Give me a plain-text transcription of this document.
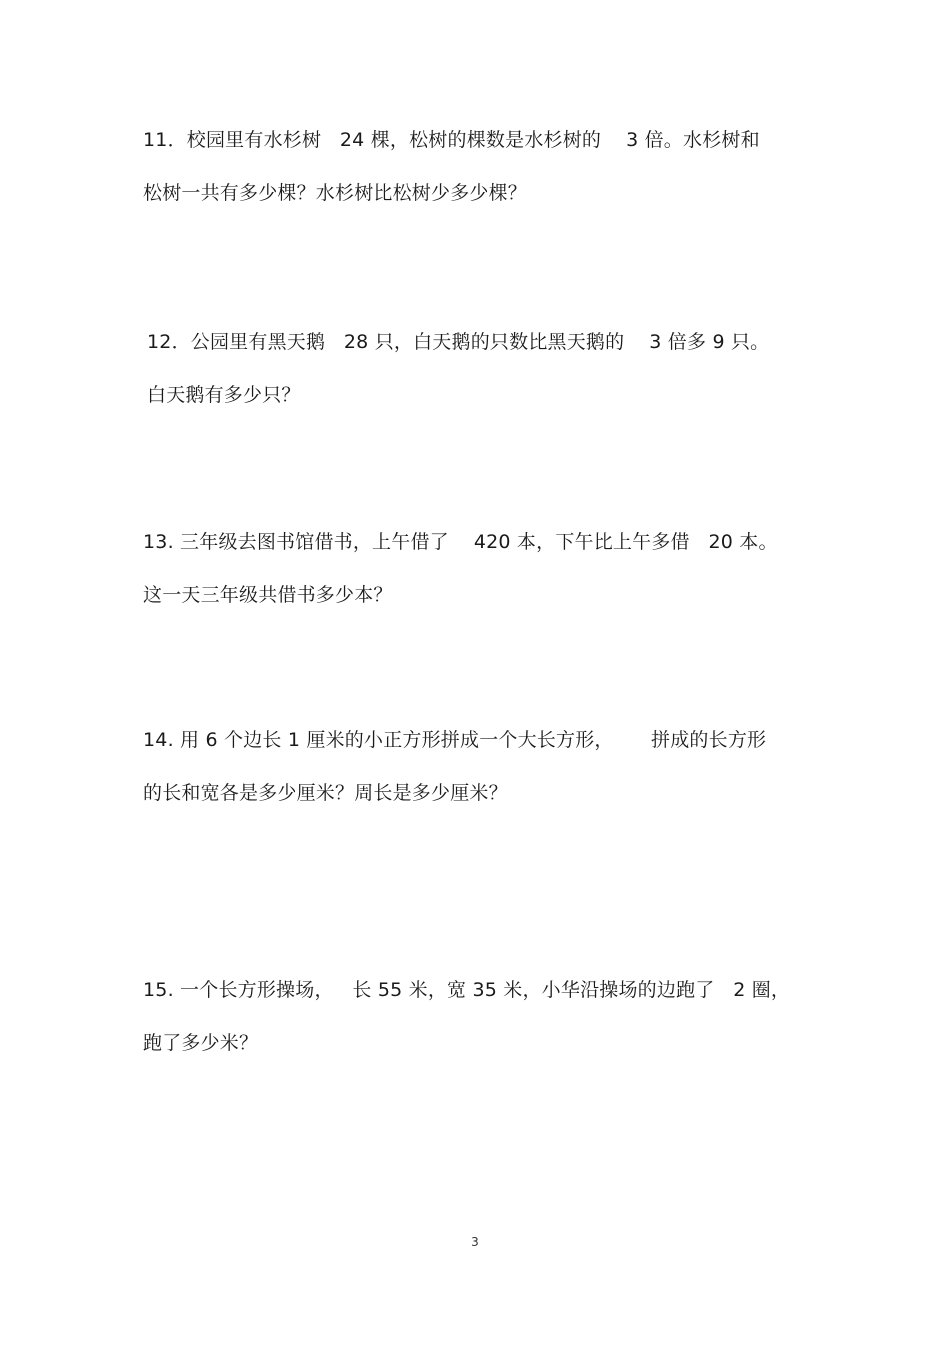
11．校园里有水杉树   24 棵，松树的棵数是水杉树的    3 倍。水杉树和
松树一共有多少棵？水杉树比松树少多少棵？
12．公园里有黑天鹅   28 只，白天鹅的只数比黑天鹅的    3 倍多 9 只。
白天鹅有多少只？
13. 三年级去图书馆借书，上午借了    420 本，下午比上午多借   20 本。
这一天三年级共借书多少本？
14. 用 6 个边长 1 厘米的小正方形拼成一个大长方形，      拼成的长方形
的长和宽各是多少厘米？周长是多少厘米？
15. 一个长方形操场，   长 55 米，宽 35 米，小华沿操场的边跑了   2 圈，
跑了多少米？
3
